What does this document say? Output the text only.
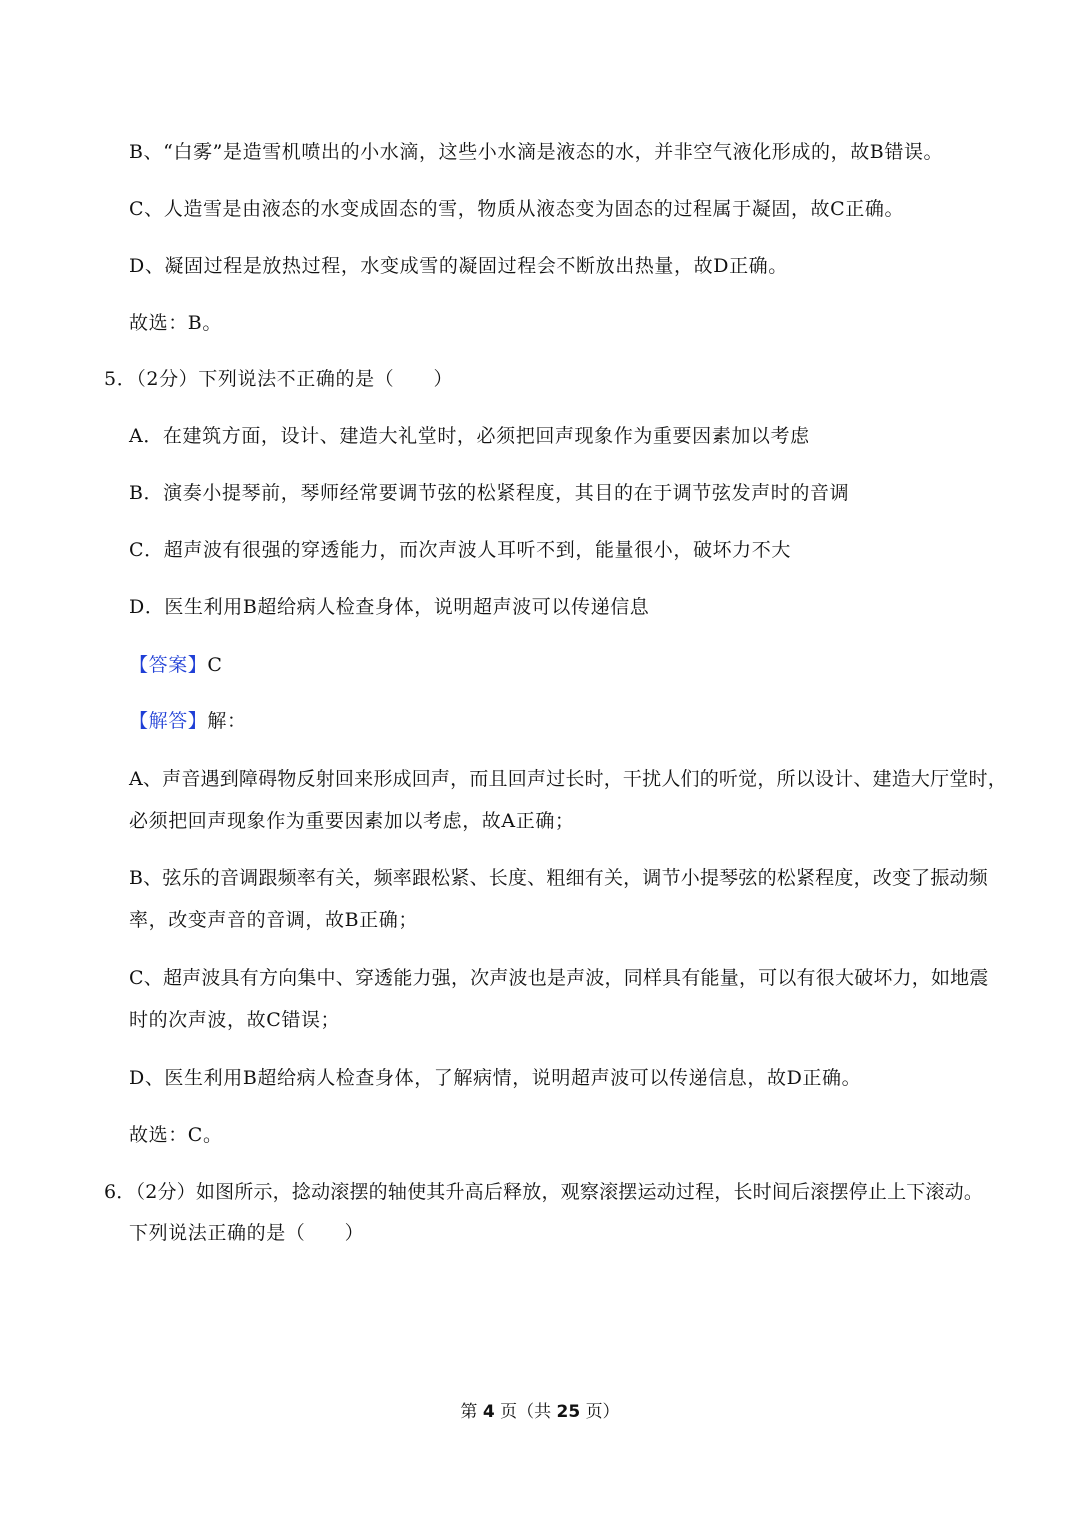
B、“白雾”是造雪机喷出的小水滴，这些小水滴是液态的水，并非空气液化形成的，故B错误。
C、人造雪是由液态的水变成固态的雪，物质从液态变为固态的过程属于凝固，故C正确。
D、凝固过程是放热过程，水变成雪的凝固过程会不断放出热量，故D正确。
故选：B。
5．（2分）下列说法不正确的是（　　）
A．在建筑方面，设计、建造大礼堂时，必须把回声现象作为重要因素加以考虑
B．演奏小提琴前，琴师经常要调节弦的松紧程度，其目的在于调节弦发声时的音调
C．超声波有很强的穿透能力，而次声波人耳听不到，能量很小，破坏力不大
D．医生利用B超给病人检查身体，说明超声波可以传递信息
【答案】C
【解答】解：
A、声音遇到障碍物反射回来形成回声，而且回声过长时，干扰人们的听觉，所以设计、建造大厅堂时，
必须把回声现象作为重要因素加以考虑，故A正确；
B、弦乐的音调跟频率有关，频率跟松紧、长度、粗细有关，调节小提琴弦的松紧程度，改变了振动频
率，改变声音的音调，故B正确；
C、超声波具有方向集中、穿透能力强，次声波也是声波，同样具有能量，可以有很大破坏力，如地震
时的次声波，故C错误；
D、医生利用B超给病人检查身体，了解病情，说明超声波可以传递信息，故D正确。
故选：C。
6．（2分）如图所示，捻动滚摆的轴使其升高后释放，观察滚摆运动过程，长时间后滚摆停止上下滚动。
下列说法正确的是（　　）
第 4 页（共 25 页）
